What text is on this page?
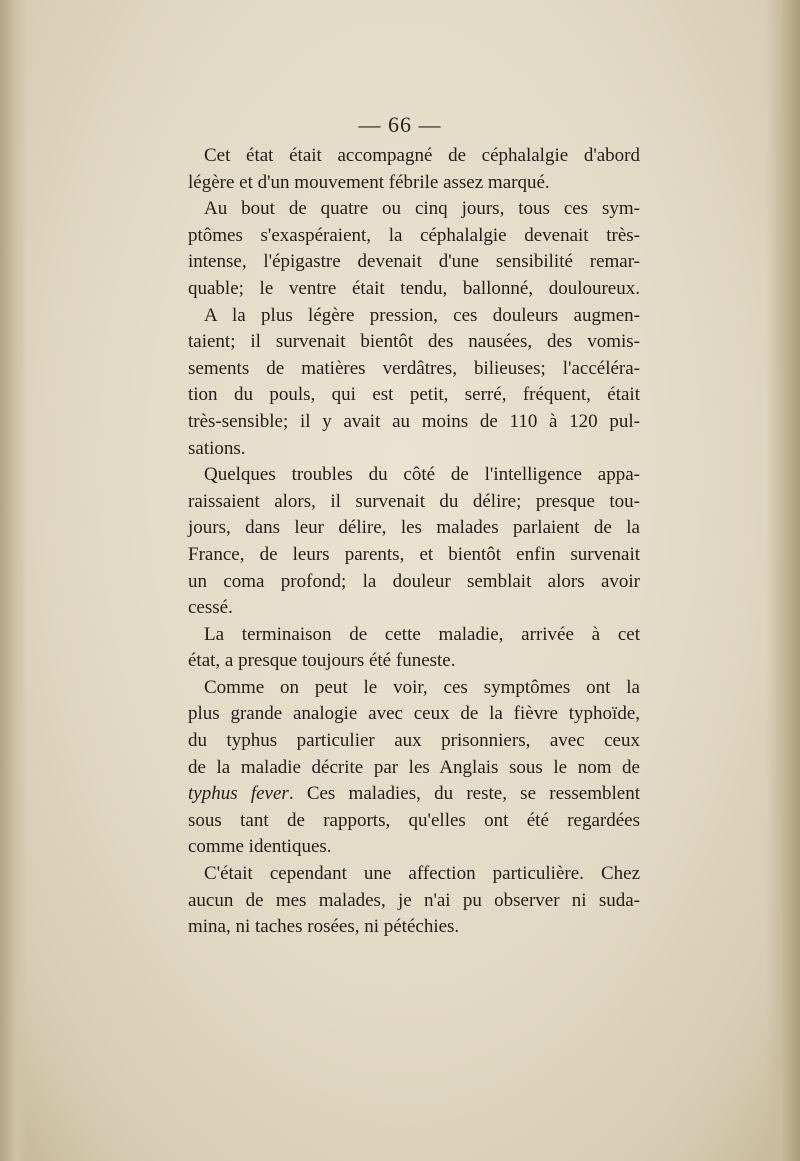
— 66 —
Cet état était accompagné de céphalalgie d'abord
légère et d'un mouvement fébrile assez marqué.
Au bout de quatre ou cinq jours, tous ces sym-
ptômes s'exaspéraient, la céphalalgie devenait très-
intense, l'épigastre devenait d'une sensibilité remar-
quable; le ventre était tendu, ballonné, douloureux.
A la plus légère pression, ces douleurs augmen-
taient; il survenait bientôt des nausées, des vomis-
sements de matières verdâtres, bilieuses; l'accéléra-
tion du pouls, qui est petit, serré, fréquent, était
très-sensible; il y avait au moins de 110 à 120 pul-
sations.
Quelques troubles du côté de l'intelligence appa-
raissaient alors, il survenait du délire; presque tou-
jours, dans leur délire, les malades parlaient de la
France, de leurs parents, et bientôt enfin survenait
un coma profond; la douleur semblait alors avoir
cessé.
La terminaison de cette maladie, arrivée à cet
état, a presque toujours été funeste.
Comme on peut le voir, ces symptômes ont la
plus grande analogie avec ceux de la fièvre typhoïde,
du typhus particulier aux prisonniers, avec ceux
de la maladie décrite par les Anglais sous le nom de
typhus fever. Ces maladies, du reste, se ressemblent
sous tant de rapports, qu'elles ont été regardées
comme identiques.
C'était cependant une affection particulière. Chez
aucun de mes malades, je n'ai pu observer ni suda-
mina, ni taches rosées, ni pétéchies.
